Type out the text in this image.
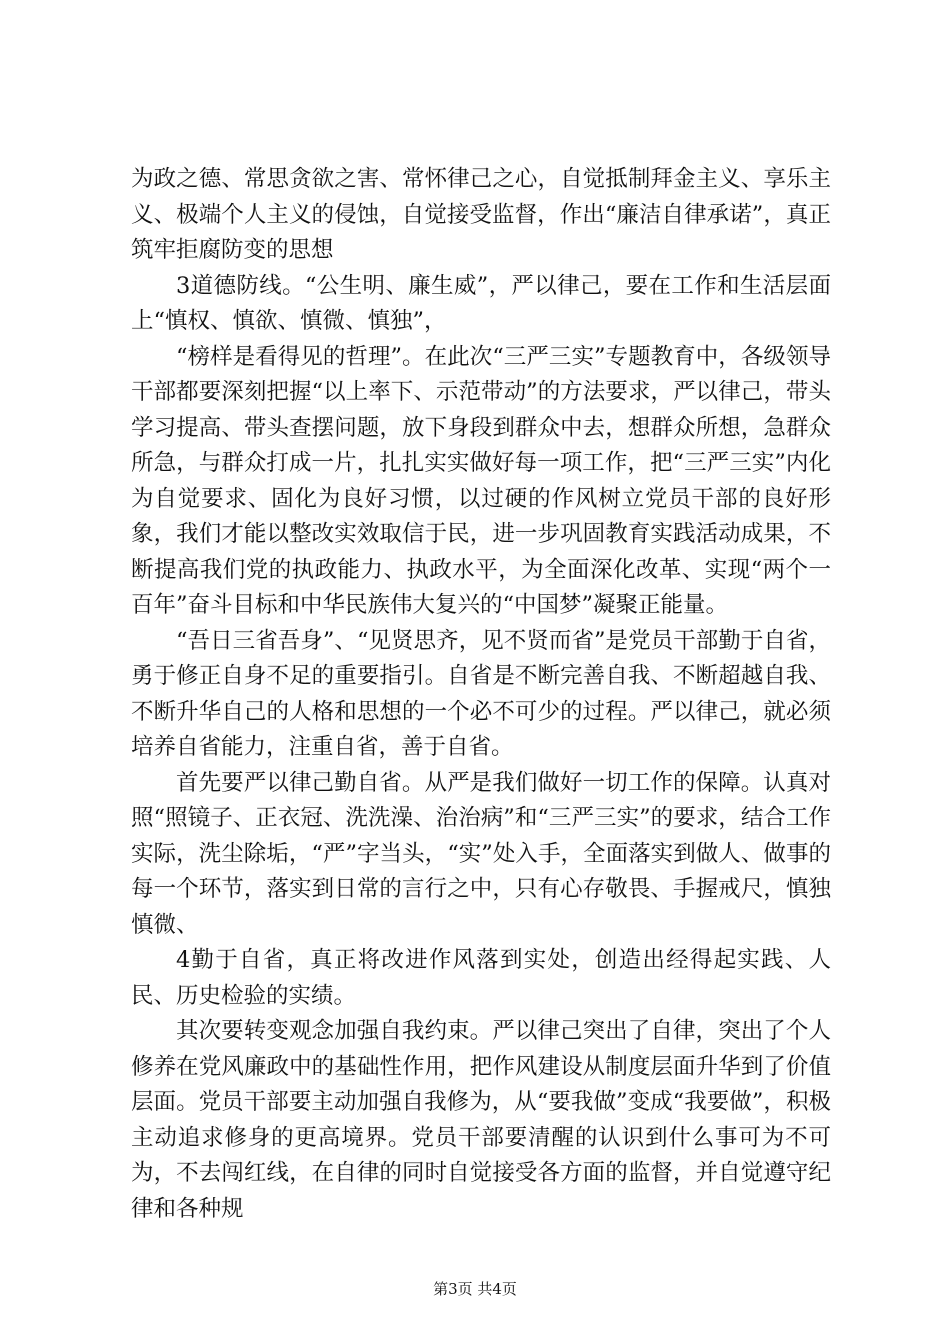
为政之德、常思贪欲之害、常怀律己之心，自觉抵制拜金主义、享乐主义、极端个人主义的侵蚀，自觉接受监督，作出“廉洁自律承诺”，真正筑牢拒腐防变的思想

3道德防线。“公生明、廉生威”，严以律己，要在工作和生活层面上“慎权、慎欲、慎微、慎独”，

“榜样是看得见的哲理”。在此次“三严三实”专题教育中，各级领导干部都要深刻把握“以上率下、示范带动”的方法要求，严以律己，带头学习提高、带头查摆问题，放下身段到群众中去，想群众所想，急群众所急，与群众打成一片，扎扎实实做好每一项工作，把“三严三实”内化为自觉要求、固化为良好习惯，以过硬的作风树立党员干部的良好形象，我们才能以整改实效取信于民，进一步巩固教育实践活动成果，不断提高我们党的执政能力、执政水平，为全面深化改革、实现“两个一百年”奋斗目标和中华民族伟大复兴的“中国梦”凝聚正能量。

“吾日三省吾身”、“见贤思齐，见不贤而省”是党员干部勤于自省，勇于修正自身不足的重要指引。自省是不断完善自我、不断超越自我、不断升华自己的人格和思想的一个必不可少的过程。严以律己，就必须培养自省能力，注重自省，善于自省。

首先要严以律己勤自省。从严是我们做好一切工作的保障。认真对照“照镜子、正衣冠、洗洗澡、治治病”和“三严三实”的要求，结合工作实际，洗尘除垢，“严”字当头，“实”处入手，全面落实到做人、做事的每一个环节，落实到日常的言行之中，只有心存敬畏、手握戒尺，慎独慎微、

4勤于自省，真正将改进作风落到实处，创造出经得起实践、人民、历史检验的实绩。

其次要转变观念加强自我约束。严以律己突出了自律，突出了个人修养在党风廉政中的基础性作用，把作风建设从制度层面升华到了价值层面。党员干部要主动加强自我修为，从“要我做”变成“我要做”，积极主动追求修身的更高境界。党员干部要清醒的认识到什么事可为不可为，不去闯红线，在自律的同时自觉接受各方面的监督，并自觉遵守纪律和各种规

第3页 共4页
